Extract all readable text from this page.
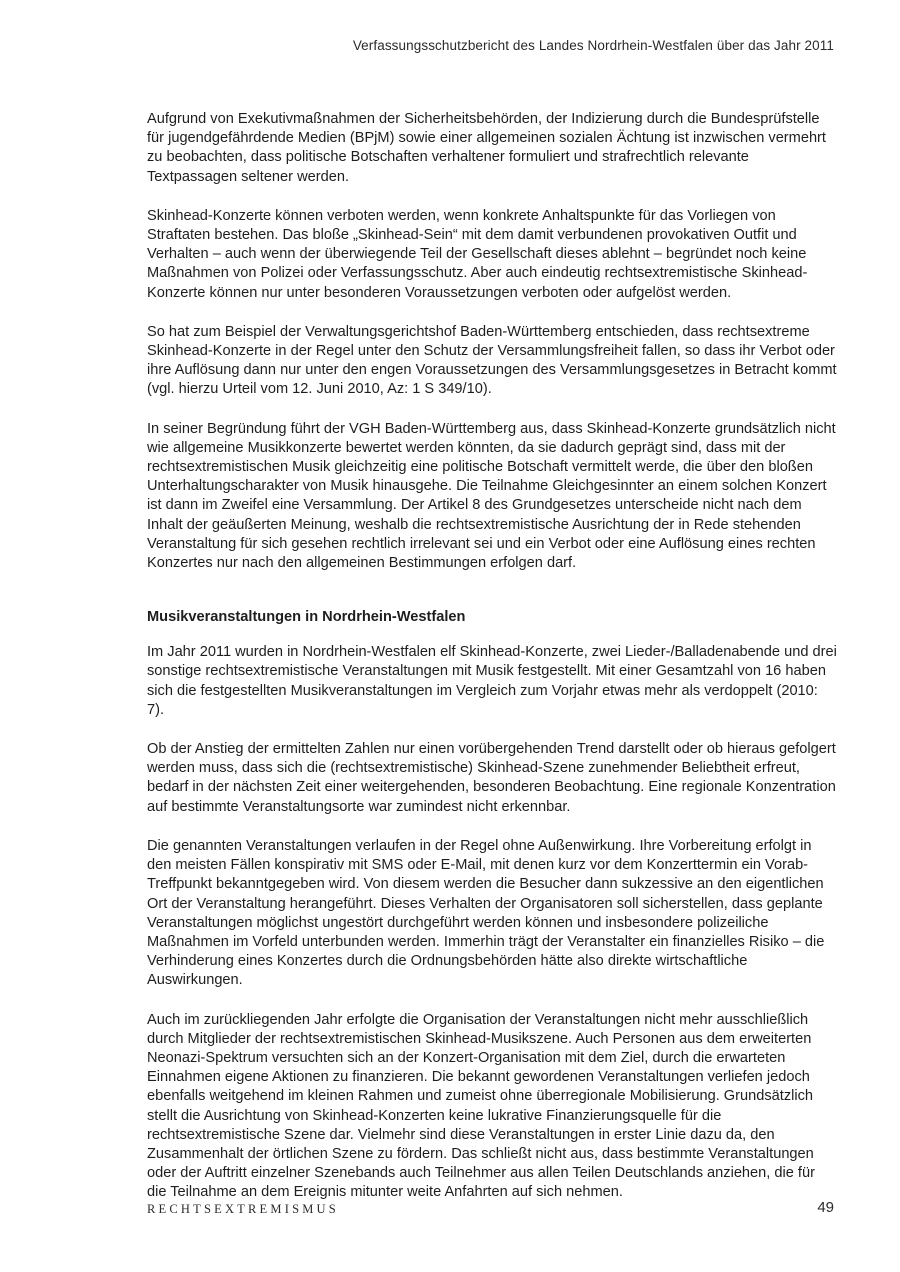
Verfassungsschutzbericht des Landes Nordrhein-Westfalen über das Jahr 2011

Aufgrund von Exekutivmaßnahmen der Sicherheitsbehörden, der Indizierung durch die Bundesprüfstelle für jugendgefährdende Medien (BPjM) sowie einer allgemeinen sozialen Ächtung ist inzwischen vermehrt zu beobachten, dass politische Botschaften verhaltener formuliert und strafrechtlich relevante Textpassagen seltener werden.

Skinhead-Konzerte können verboten werden, wenn konkrete Anhaltspunkte für das Vorliegen von Straftaten bestehen. Das bloße „Skinhead-Sein“ mit dem damit verbundenen provokativen Outfit und Verhalten – auch wenn der überwiegende Teil der Gesellschaft dieses ablehnt – begründet noch keine Maßnahmen von Polizei oder Verfassungsschutz. Aber auch eindeutig rechtsextremistische Skinhead-Konzerte können nur unter besonderen Voraussetzungen verboten oder aufgelöst werden.

So hat zum Beispiel der Verwaltungsgerichtshof Baden-Württemberg entschieden, dass rechtsextreme Skinhead-Konzerte in der Regel unter den Schutz der Versammlungsfreiheit fallen, so dass ihr Verbot oder ihre Auflösung dann nur unter den engen Voraussetzungen des Versammlungsgesetzes in Betracht kommt (vgl. hierzu Urteil vom 12. Juni 2010, Az: 1 S 349/10).

In seiner Begründung führt der VGH Baden-Württemberg aus, dass Skinhead-Konzerte grundsätzlich nicht wie allgemeine Musikkonzerte bewertet werden könnten, da sie dadurch geprägt sind, dass mit der rechtsextremistischen Musik gleichzeitig eine politische Botschaft vermittelt werde, die über den bloßen Unterhaltungscharakter von Musik hinausgehe. Die Teilnahme Gleichgesinnter an einem solchen Konzert ist dann im Zweifel eine Versammlung. Der Artikel 8 des Grundgesetzes unterscheide nicht nach dem Inhalt der geäußerten Meinung, weshalb die rechtsextremistische Ausrichtung der in Rede stehenden Veranstaltung für sich gesehen rechtlich irrelevant sei und ein Verbot oder eine Auflösung eines rechten Konzertes nur nach den allgemeinen Bestimmungen erfolgen darf.

Musikveranstaltungen in Nordrhein-Westfalen

Im Jahr 2011 wurden in Nordrhein-Westfalen elf Skinhead-Konzerte, zwei Lieder-/Balladenabende und drei sonstige rechtsextremistische Veranstaltungen mit Musik festgestellt. Mit einer Gesamtzahl von 16 haben sich die festgestellten Musikveranstaltungen im Vergleich zum Vorjahr etwas mehr als verdoppelt (2010: 7).

Ob der Anstieg der ermittelten Zahlen nur einen vorübergehenden Trend darstellt oder ob hieraus gefolgert werden muss, dass sich die (rechtsextremistische) Skinhead-Szene zunehmender Beliebtheit erfreut, bedarf in der nächsten Zeit einer weitergehenden, besonderen Beobachtung. Eine regionale Konzentration auf bestimmte Veranstaltungsorte war zumindest nicht erkennbar.

Die genannten Veranstaltungen verlaufen in der Regel ohne Außenwirkung. Ihre Vorbereitung erfolgt in den meisten Fällen konspirativ mit SMS oder E-Mail, mit denen kurz vor dem Konzerttermin ein Vorab-Treffpunkt bekanntgegeben wird. Von diesem werden die Besucher dann sukzessive an den eigentlichen Ort der Veranstaltung herangeführt. Dieses Verhalten der Organisatoren soll sicherstellen, dass geplante Veranstaltungen möglichst ungestört durchgeführt werden können und insbesondere polizeiliche Maßnahmen im Vorfeld unterbunden werden. Immerhin trägt der Veranstalter ein finanzielles Risiko – die Verhinderung eines Konzertes durch die Ordnungsbehörden hätte also direkte wirtschaftliche Auswirkungen.

Auch im zurückliegenden Jahr erfolgte die Organisation der Veranstaltungen nicht mehr ausschließlich durch Mitglieder der rechtsextremistischen Skinhead-Musikszene. Auch Personen aus dem erweiterten Neonazi-Spektrum versuchten sich an der Konzert-Organisation mit dem Ziel, durch die erwarteten Einnahmen eigene Aktionen zu finanzieren. Die bekannt gewordenen Veranstaltungen verliefen jedoch ebenfalls weitgehend im kleinen Rahmen und zumeist ohne überregionale Mobilisierung. Grundsätzlich stellt die Ausrichtung von Skinhead-Konzerten keine lukrative Finanzierungsquelle für die rechtsextremistische Szene dar. Vielmehr sind diese Veranstaltungen in erster Linie dazu da, den Zusammenhalt der örtlichen Szene zu fördern. Das schließt nicht aus, dass bestimmte Veranstaltungen oder der Auftritt einzelner Szenebands auch Teilnehmer aus allen Teilen Deutschlands anziehen, die für die Teilnahme an dem Ereignis mitunter weite Anfahrten auf sich nehmen.

RECHTSEXTREMISMUS	49
